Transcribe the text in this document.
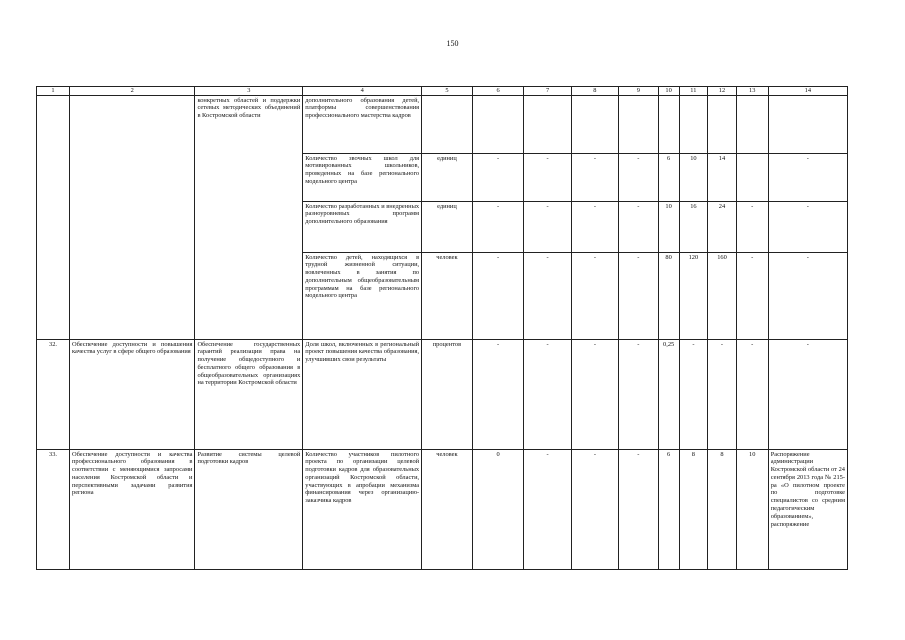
150
1	2	3	4	5	6	7	8	9	10	11	12	13	14
		конкретных областей и поддержки сетевых методических объединений в Костромской области	дополнительного образования детей, платформы совершенствования профессионального мастерства кадров										
			Количество звочных школ для мотивированных школьников, проведенных на базе регионального модельного центра	единиц	-	-	-	-	6	10	14		-
			Количество разработанных и внедренных разноуровневых программ дополнительного образования	единиц	-	-	-	-	10	16	24	-	-
			Количество детей, находящихся в трудной жизненной ситуации, вовлеченных в занятия по дополнительным общеобразовательным программам на базе регионального модельного центра	человек	-	-	-	-	80	120	160	-	-
32.	Обеспечение доступности и повышения качества услуг в сфере общего образования	Обеспечение государственных гарантий реализации права на получение общедоступного и бесплатного общего образования в общеобразовательных организациях на территории Костромской области	Доля школ, включенных в региональный проект повышения качества образования, улучшивших свои результаты	процентов	-	-	-	-	0,25	-	-	-	-
33.	Обеспечение доступности и качества профессионального образования в соответствии с меняющимися запросами населения Костромской области и перспективными задачами развития региона	Развитие системы целевой подготовки кадров	Количество участников пилотного проекта по организации целевой подготовки кадров для образовательных организаций Костромской области, участвующих в апробации механизма финансирования через организацию-заказчика кадров	человек	0	-	-	-	6	8	8	10	Распоряжение администрации Костромской области от 24 сентября 2013 года № 215-ра «О пилотном проекте по подготовке специалистов со средним педагогическим образованием», распоряжение
